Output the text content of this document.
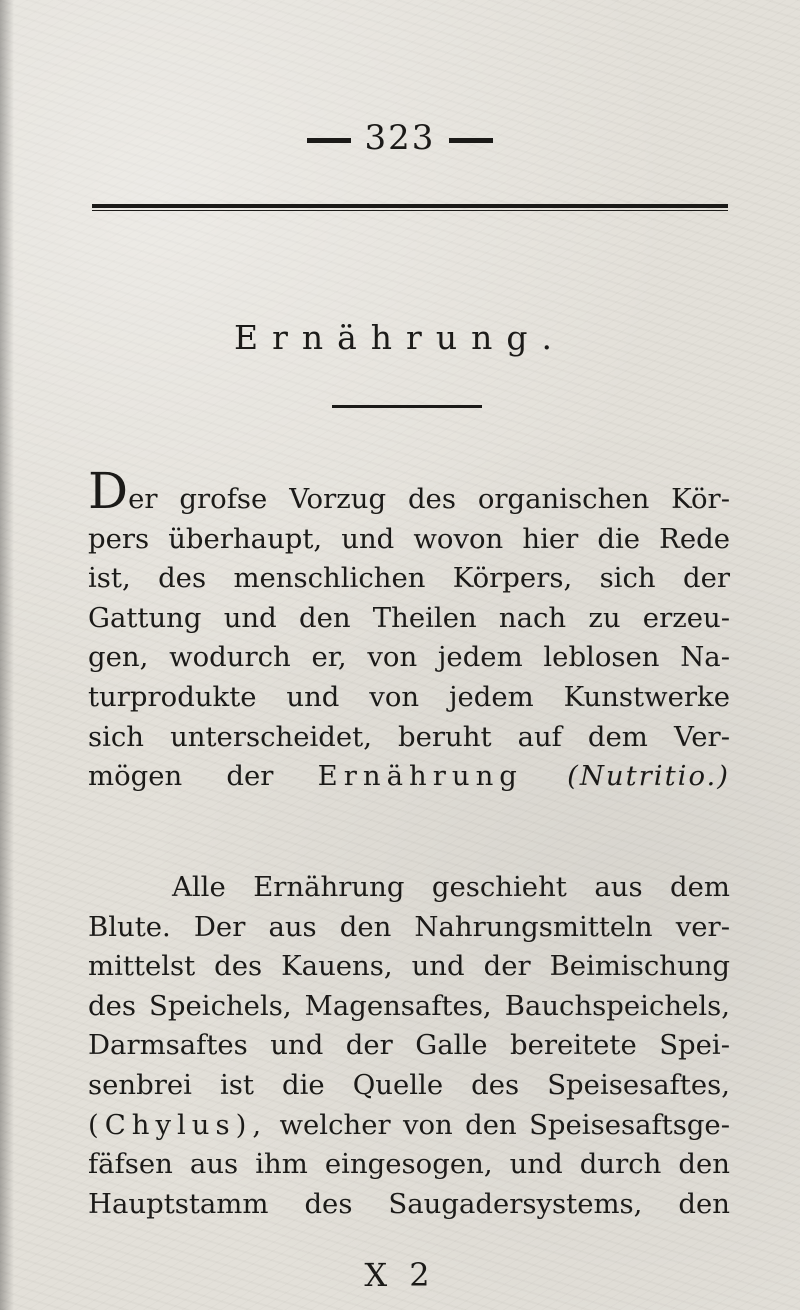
323
Ernährung.
Der grofse Vorzug des organischen Kör-
pers überhaupt, und wovon hier die Rede
ist, des menschlichen Körpers, sich der
Gattung und den Theilen nach zu erzeu-
gen, wodurch er, von jedem leblosen Na-
turprodukte und von jedem Kunstwerke
sich unterscheidet, beruht auf dem Ver-
mögen der Ernährung (Nutritio.)
Alle Ernährung geschieht aus dem
Blute. Der aus den Nahrungsmitteln ver-
mittelst des Kauens, und der Beimischung
des Speichels, Magensaftes, Bauchspeichels,
Darmsaftes und der Galle bereitete Spei-
senbrei ist die Quelle des Speisesaftes,
(Chylus), welcher von den Speisesaftsge-
fäfsen aus ihm eingesogen, und durch den
Hauptstamm des Saugadersystems, den
X 2
